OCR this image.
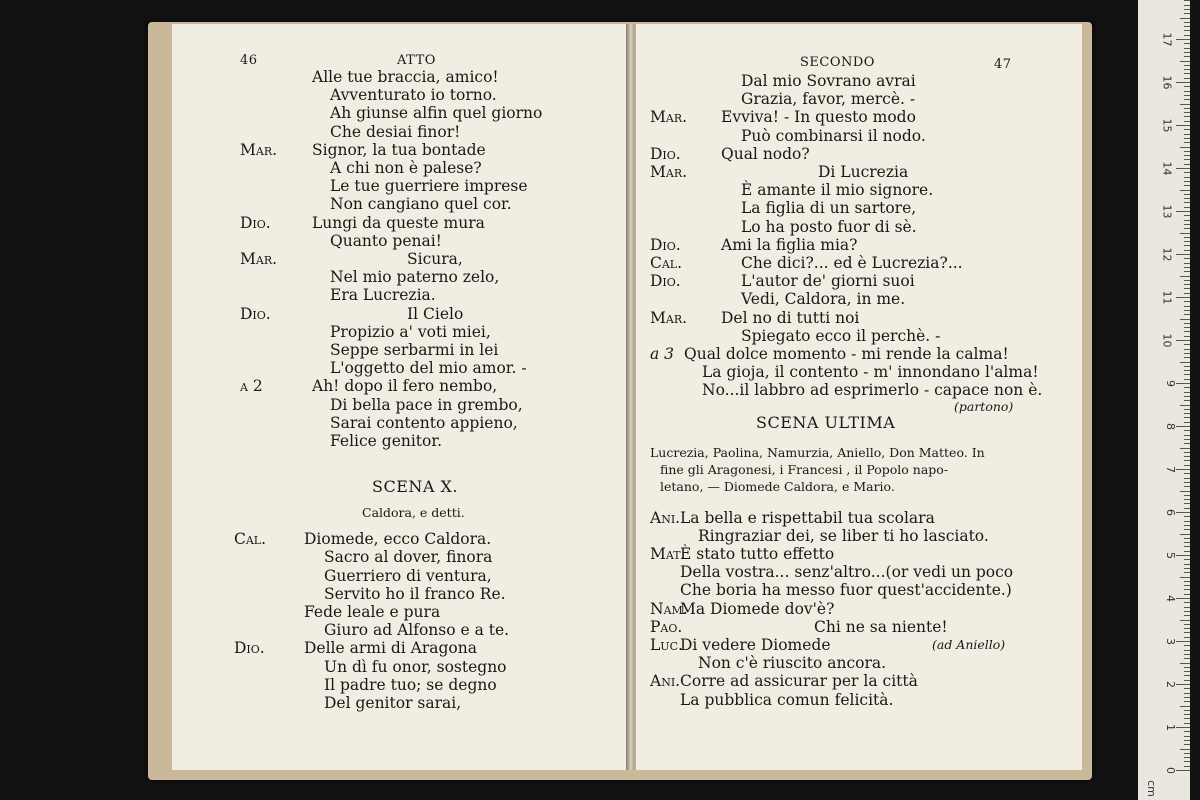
46	ATTO
Alle tue braccia, amico!
Avventurato io torno.
Ah giunse alfin quel giorno
Che desiai finor!
Mar. Signor, la tua bontade
A chi non è palese?
Le tue guerriere imprese
Non cangiano quel cor.
Dio.	Lungi da queste mura
Quanto penai!
Mar.	Sicura,
Nel mio paterno zelo,
Era Lucrezia.
Dio.	Il Cielo
Propizio a' voti miei,
Seppe serbarmi in lei
L'oggetto del mio amor. -
a 2	Ah! dopo il fero nembo,
Di bella pace in grembo,
Sarai contento appieno,
Felice genitor.
SCENA X.
Caldora, e detti.
Cal. Diomede, ecco Caldora.
Sacro al dover, finora
Guerriero di ventura,
Servito ho il franco Re.
Fede leale e pura
Giuro ad Alfonso e a te.
Dio.	Delle armi di Aragona
Un dì fu onor, sostegno
Il padre tuo; se degno
Del genitor sarai,
SECONDO	47
Dal mio Sovrano avrai
Grazia, favor, mercè. -
Mar. Evviva! - In questo modo
Può combinarsi il nodo.
Dio.	Qual nodo?
Mar.	Di Lucrezia
È amante il mio signore.
La figlia di un sartore,
Lo ha posto fuor di sè.
Dio.	Ami la figlia mia?
Cal.	Che dici?... ed è Lucrezia?...
Dio.	L'autor de' giorni suoi
Vedi, Caldora, in me.
Mar. Del no di tutti noi
Spiegato ecco il perchè. -
a 3 Qual dolce momento - mi rende la calma!
La gioja, il contento - m' innondano l'alma!
No...il labbro ad esprimerlo - capace non è.
(partono)
SCENA ULTIMA
Lucrezia, Paolina, Namurzia, Aniello, Don Matteo. In
fine gli Aragonesi, i Francesi , il Popolo napo-
letano, — Diomede Caldora, e Mario.
Ani. La bella e rispettabil tua scolara
Ringraziar dei, se liber ti ho lasciato.
Mat.
È stato tutto effetto
Della vostra... senz'altro...(or vedi un poco
Che boria ha messo fuor quest'accidente.)
Nam.
Ma Diomede dov'è?
Pao.	Chi ne sa niente!
Luc.
Di vedere Diomede	(ad Aniello)
Non c'è riuscito ancora.
Ani. Corre ad assicurar per la città
La pubblica comun felicità.
0
1
2
3
4
5
6
7
8
9
10
11
12
13
14
15
16
17
cm
